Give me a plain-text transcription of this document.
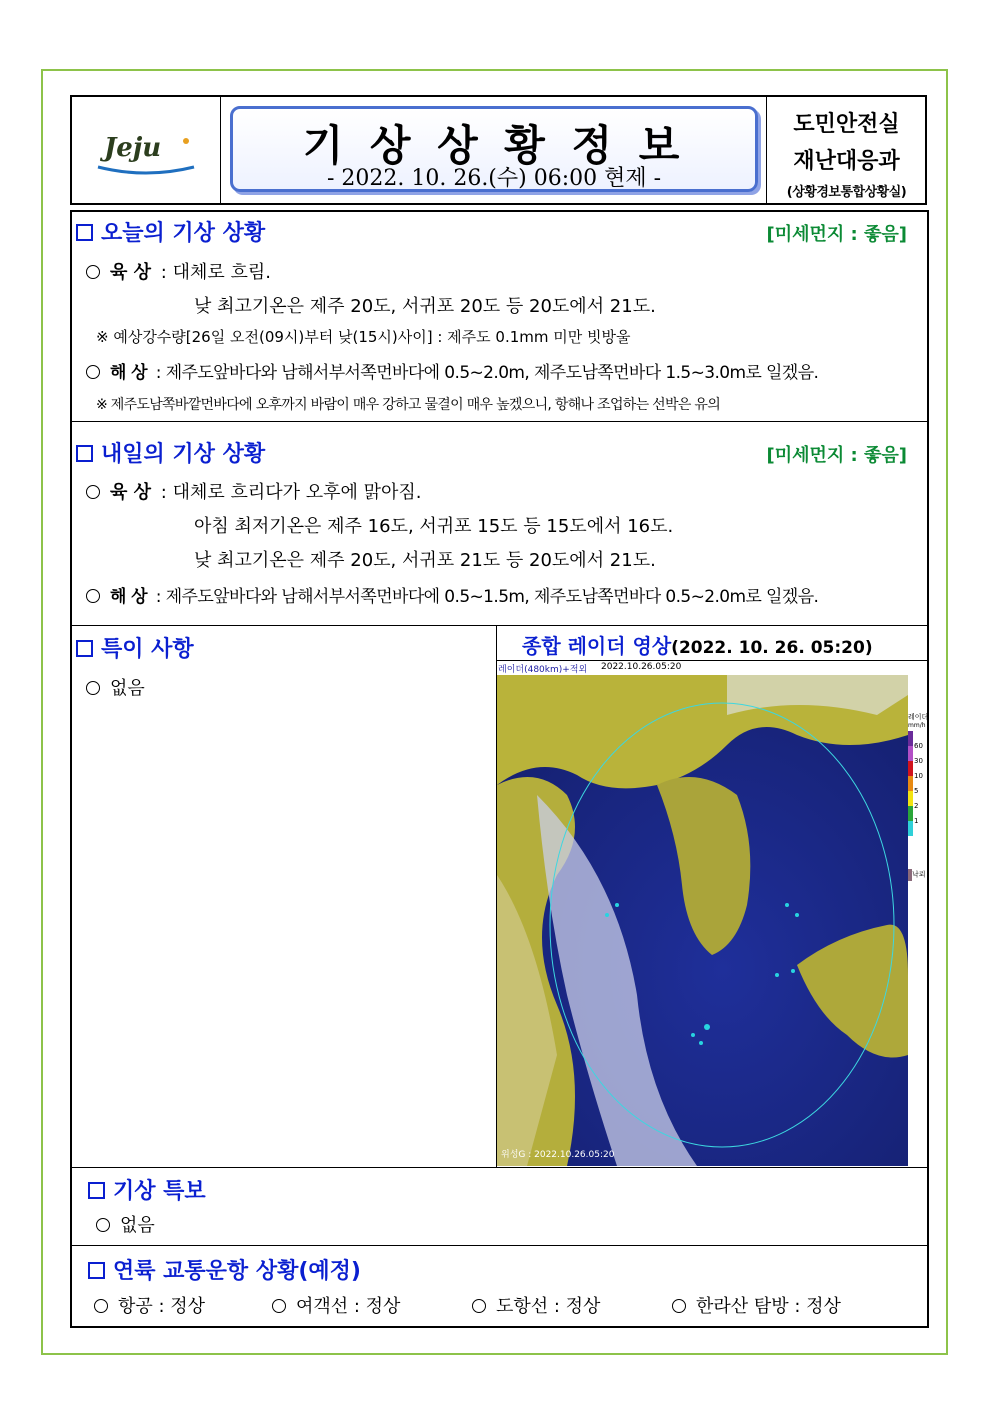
Jeju	기 상 상 황 정 보
- 2022. 10. 26.(수) 06:00 현제 -
도민안전실
재난대응과
(상황경보통합상황실)
오늘의 기상 상황	[미세먼지 : 좋음]
육 상 : 대체로 흐림.
낮 최고기온은 제주 20도, 서귀포 20도 등 20도에서 21도.
※ 예상강수량[26일 오전(09시)부터 낮(15시)사이] : 제주도 0.1mm 미만 빗방울
해 상 : 제주도앞바다와 남해서부서쪽먼바다에 0.5~2.0m, 제주도남쪽먼바다 1.5~3.0m로 일겠음.
※ 제주도남쪽바깥먼바다에 오후까지 바람이 매우 강하고 물결이 매우 높겠으니, 항해나 조업하는 선박은 유의
내일의 기상 상황	[미세먼지 : 좋음]
육 상 : 대체로 흐리다가 오후에 맑아짐.
아침 최저기온은 제주 16도, 서귀포 15도 등 15도에서 16도.
낮 최고기온은 제주 20도, 서귀포 21도 등 20도에서 21도.
해 상 : 제주도앞바다와 남해서부서쪽먼바다에 0.5~1.5m, 제주도남쪽먼바다 0.5~2.0m로 일겠음.
특이 사항
없음
종합 레이더 영상(2022. 10. 26. 05:20)
레이더(480km)+적외 2022.10.26.05:20
위성G : 2022.10.26.05:20
레이더
mm/h
60
30
10
5
2
1
낙뢰
기상 특보
없음
연륙 교통운항 상황(예정)
항공 : 정상	여객선 : 정상	도항선 : 정상	한라산 탐방 : 정상
